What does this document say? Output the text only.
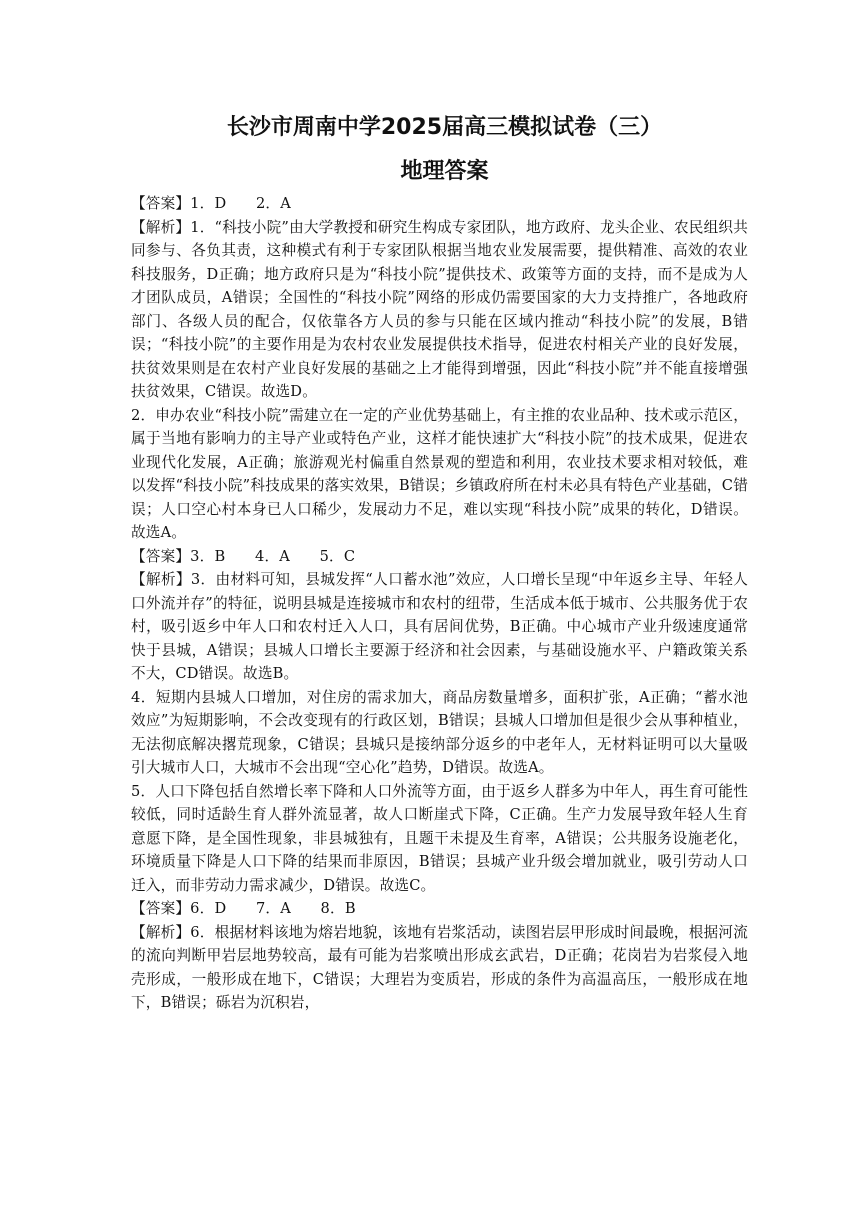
长沙市周南中学2025届高三模拟试卷（三）
地理答案

【答案】1．D　　2．A

【解析】1．“科技小院”由大学教授和研究生构成专家团队，地方政府、龙头企业、农民组织共同参与、各负其责，这种模式有利于专家团队根据当地农业发展需要，提供精准、高效的农业科技服务，D正确；地方政府只是为“科技小院”提供技术、政策等方面的支持，而不是成为人才团队成员，A错误；全国性的“科技小院”网络的形成仍需要国家的大力支持推广，各地政府部门、各级人员的配合，仅依靠各方人员的参与只能在区域内推动“科技小院”的发展，B错误；“科技小院”的主要作用是为农村农业发展提供技术指导，促进农村相关产业的良好发展，扶贫效果则是在农村产业良好发展的基础之上才能得到增强，因此“科技小院”并不能直接增强扶贫效果，C错误。故选D。

2．申办农业“科技小院”需建立在一定的产业优势基础上，有主推的农业品种、技术或示范区，属于当地有影响力的主导产业或特色产业，这样才能快速扩大“科技小院”的技术成果，促进农业现代化发展，A正确；旅游观光村偏重自然景观的塑造和利用，农业技术要求相对较低，难以发挥“科技小院”科技成果的落实效果，B错误；乡镇政府所在村未必具有特色产业基础，C错误；人口空心村本身已人口稀少，发展动力不足，难以实现“科技小院”成果的转化，D错误。故选A。

【答案】3．B　　4．A　　5．C

【解析】3．由材料可知，县城发挥“人口蓄水池”效应，人口增长呈现“中年返乡主导、年轻人口外流并存”的特征，说明县城是连接城市和农村的纽带，生活成本低于城市、公共服务优于农村，吸引返乡中年人口和农村迁入人口，具有居间优势，B正确。中心城市产业升级速度通常快于县城，A错误；县城人口增长主要源于经济和社会因素，与基础设施水平、户籍政策关系不大，CD错误。故选B。

4．短期内县城人口增加，对住房的需求加大，商品房数量增多，面积扩张，A正确；“蓄水池效应”为短期影响，不会改变现有的行政区划，B错误；县城人口增加但是很少会从事种植业，无法彻底解决撂荒现象，C错误；县城只是接纳部分返乡的中老年人，无材料证明可以大量吸引大城市人口，大城市不会出现“空心化”趋势，D错误。故选A。

5．人口下降包括自然增长率下降和人口外流等方面，由于返乡人群多为中年人，再生育可能性较低，同时适龄生育人群外流显著，故人口断崖式下降，C正确。生产力发展导致年轻人生育意愿下降，是全国性现象，非县城独有，且题干未提及生育率，A错误；公共服务设施老化，环境质量下降是人口下降的结果而非原因，B错误；县城产业升级会增加就业，吸引劳动人口迁入，而非劳动力需求减少，D错误。故选C。

【答案】6．D　　7．A　　8．B

【解析】6．根据材料该地为熔岩地貌，该地有岩浆活动，读图岩层甲形成时间最晚，根据河流的流向判断甲岩层地势较高，最有可能为岩浆喷出形成玄武岩，D正确；花岗岩为岩浆侵入地壳形成，一般形成在地下，C错误；大理岩为变质岩，形成的条件为高温高压，一般形成在地下，B错误；砾岩为沉积岩，
